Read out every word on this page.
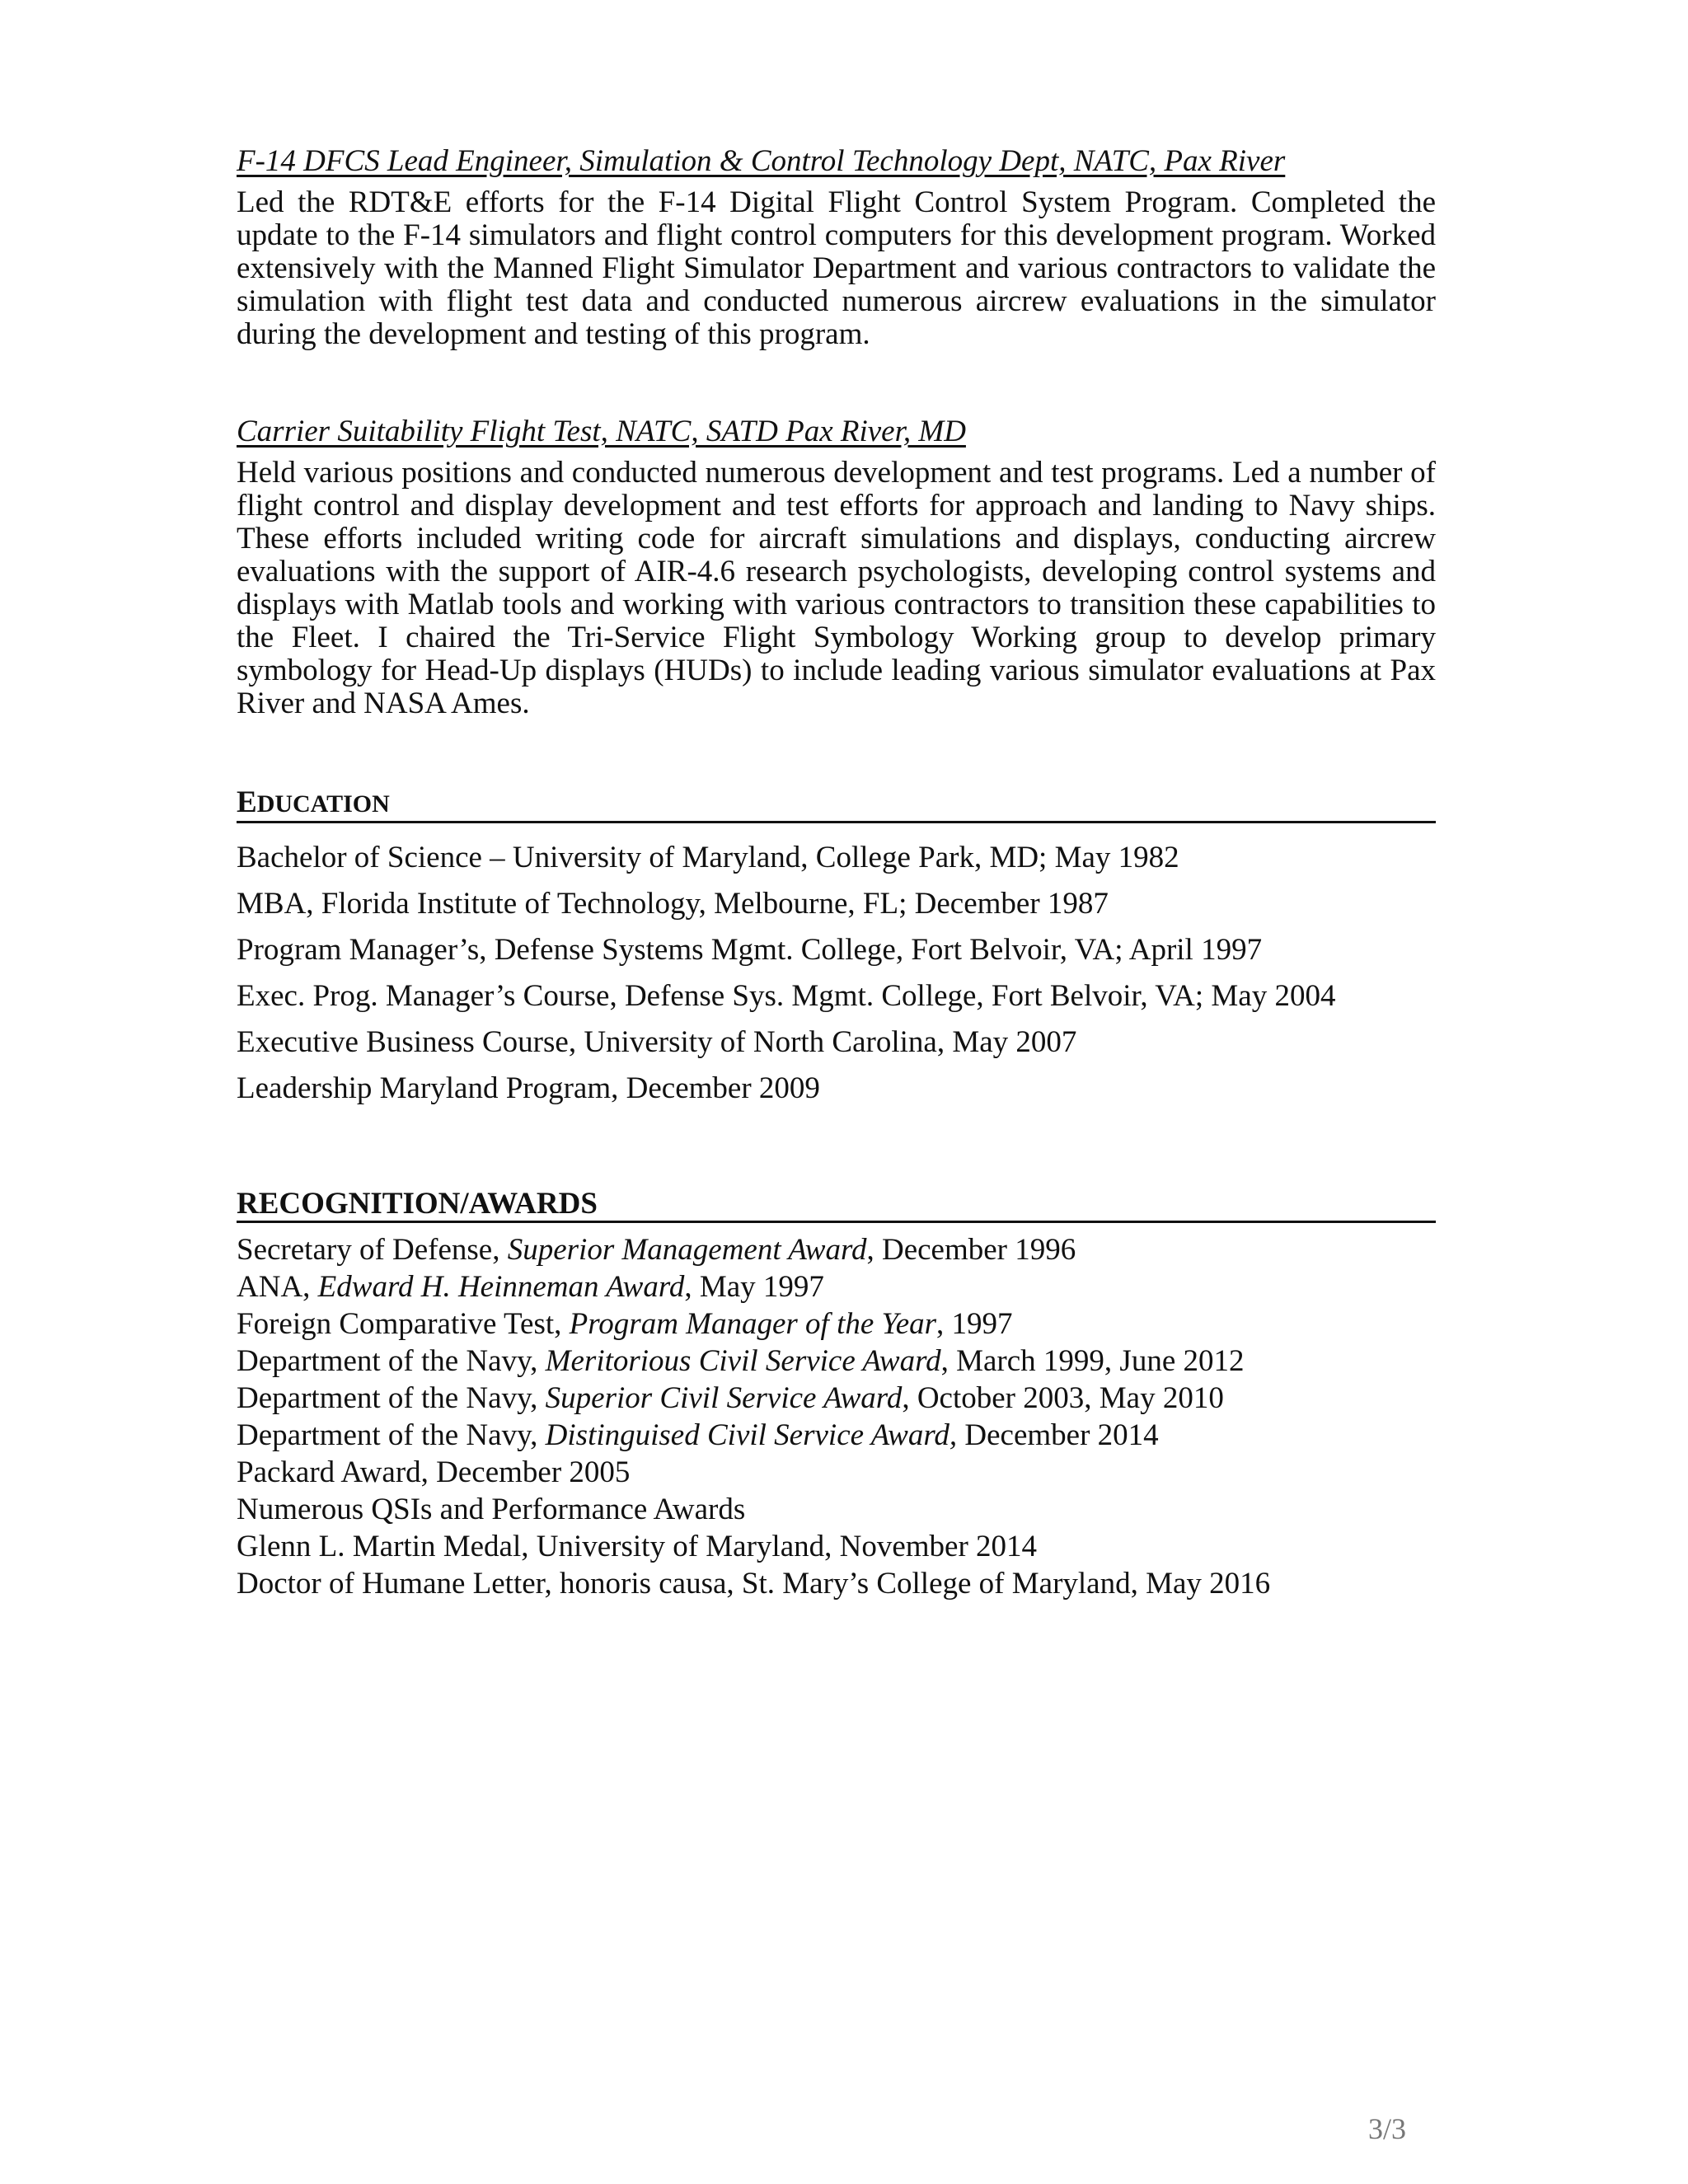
F-14 DFCS Lead Engineer, Simulation & Control Technology Dept, NATC, Pax River

Led the RDT&E efforts for the F-14 Digital Flight Control System Program. Completed the update to the F-14 simulators and flight control computers for this development program. Worked extensively with the Manned Flight Simulator Department and various contractors to validate the simulation with flight test data and conducted numerous aircrew evaluations in the simulator during the development and testing of this program.

Carrier Suitability Flight Test, NATC, SATD Pax River, MD

Held various positions and conducted numerous development and test programs. Led a number of flight control and display development and test efforts for approach and landing to Navy ships. These efforts included writing code for aircraft simulations and displays, conducting aircrew evaluations with the support of AIR-4.6 research psychologists, developing control systems and displays with Matlab tools and working with various contractors to transition these capabilities to the Fleet. I chaired the Tri-Service Flight Symbology Working group to develop primary symbology for Head-Up displays (HUDs) to include leading various simulator evaluations at Pax River and NASA Ames.

EDUCATION
Bachelor of Science – University of Maryland, College Park, MD; May 1982
MBA, Florida Institute of Technology, Melbourne, FL; December 1987
Program Manager’s, Defense Systems Mgmt. College, Fort Belvoir, VA; April 1997
Exec. Prog. Manager’s Course, Defense Sys. Mgmt. College, Fort Belvoir, VA; May 2004
Executive Business Course, University of North Carolina, May 2007
Leadership Maryland Program, December 2009
RECOGNITION/AWARDS
Secretary of Defense, Superior Management Award, December 1996
ANA, Edward H. Heinneman Award, May 1997
Foreign Comparative Test, Program Manager of the Year, 1997
Department of the Navy, Meritorious Civil Service Award, March 1999, June 2012
Department of the Navy, Superior Civil Service Award, October 2003, May 2010
Department of the Navy, Distinguised Civil Service Award, December 2014
Packard Award, December 2005
Numerous QSIs and Performance Awards
Glenn L. Martin Medal, University of Maryland, November 2014
Doctor of Humane Letter, honoris causa, St. Mary’s College of Maryland, May 2016
3/3
